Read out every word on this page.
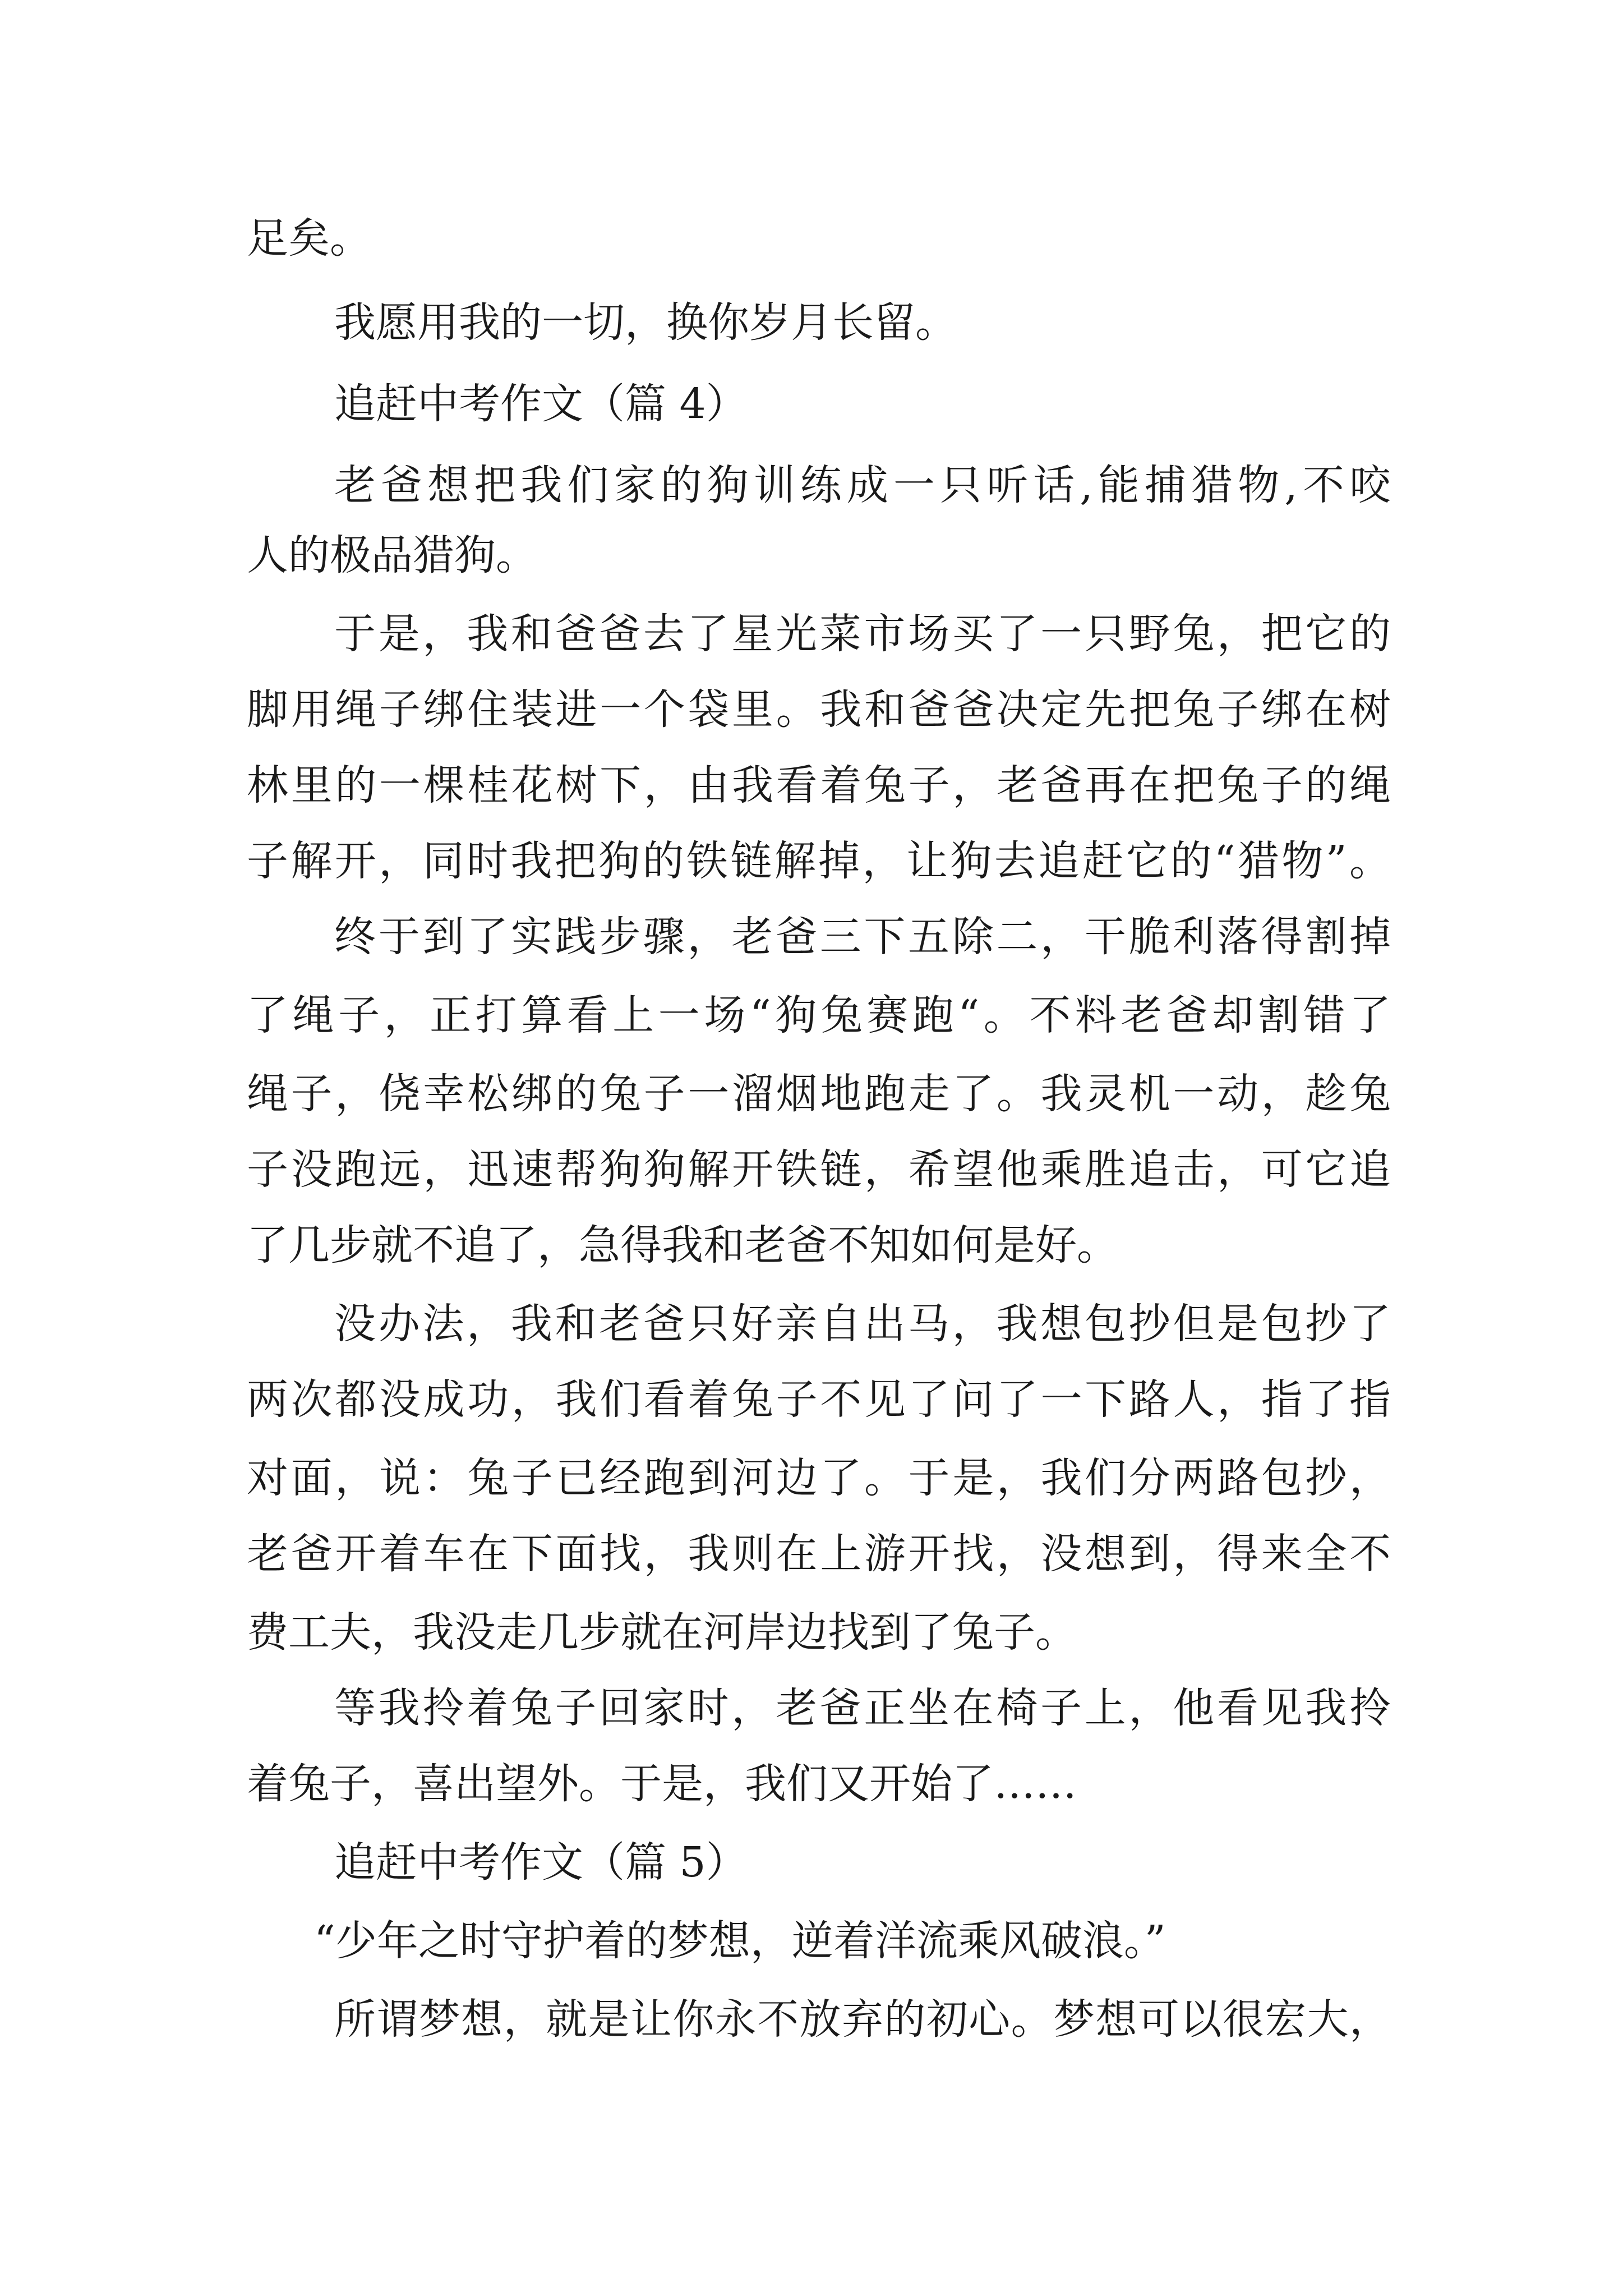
足矣。
我愿用我的一切，换你岁月长留。
追赶中考作文（篇 4）
老爸想把我们家的狗训练成一只听话,能捕猎物,不咬
人的极品猎狗。
于是，我和爸爸去了星光菜市场买了一只野兔，把它的
脚用绳子绑住装进一个袋里。我和爸爸决定先把兔子绑在树
林里的一棵桂花树下，由我看着兔子，老爸再在把兔子的绳
子解开，同时我把狗的铁链解掉，让狗去追赶它的“猎物”。
终于到了实践步骤，老爸三下五除二，干脆利落得割掉
了绳子，正打算看上一场“狗兔赛跑“。不料老爸却割错了
绳子，侥幸松绑的兔子一溜烟地跑走了。我灵机一动，趁兔
子没跑远，迅速帮狗狗解开铁链，希望他乘胜追击，可它追
了几步就不追了，急得我和老爸不知如何是好。
没办法，我和老爸只好亲自出马，我想包抄但是包抄了
两次都没成功，我们看着兔子不见了问了一下路人，指了指
对面，说：兔子已经跑到河边了。于是，我们分两路包抄，
老爸开着车在下面找，我则在上游开找，没想到，得来全不
费工夫，我没走几步就在河岸边找到了兔子。
等我拎着兔子回家时，老爸正坐在椅子上，他看见我拎
着兔子，喜出望外。于是，我们又开始了……
追赶中考作文（篇 5）
“少年之时守护着的梦想，逆着洋流乘风破浪。”
所谓梦想，就是让你永不放弃的初心。梦想可以很宏大，
